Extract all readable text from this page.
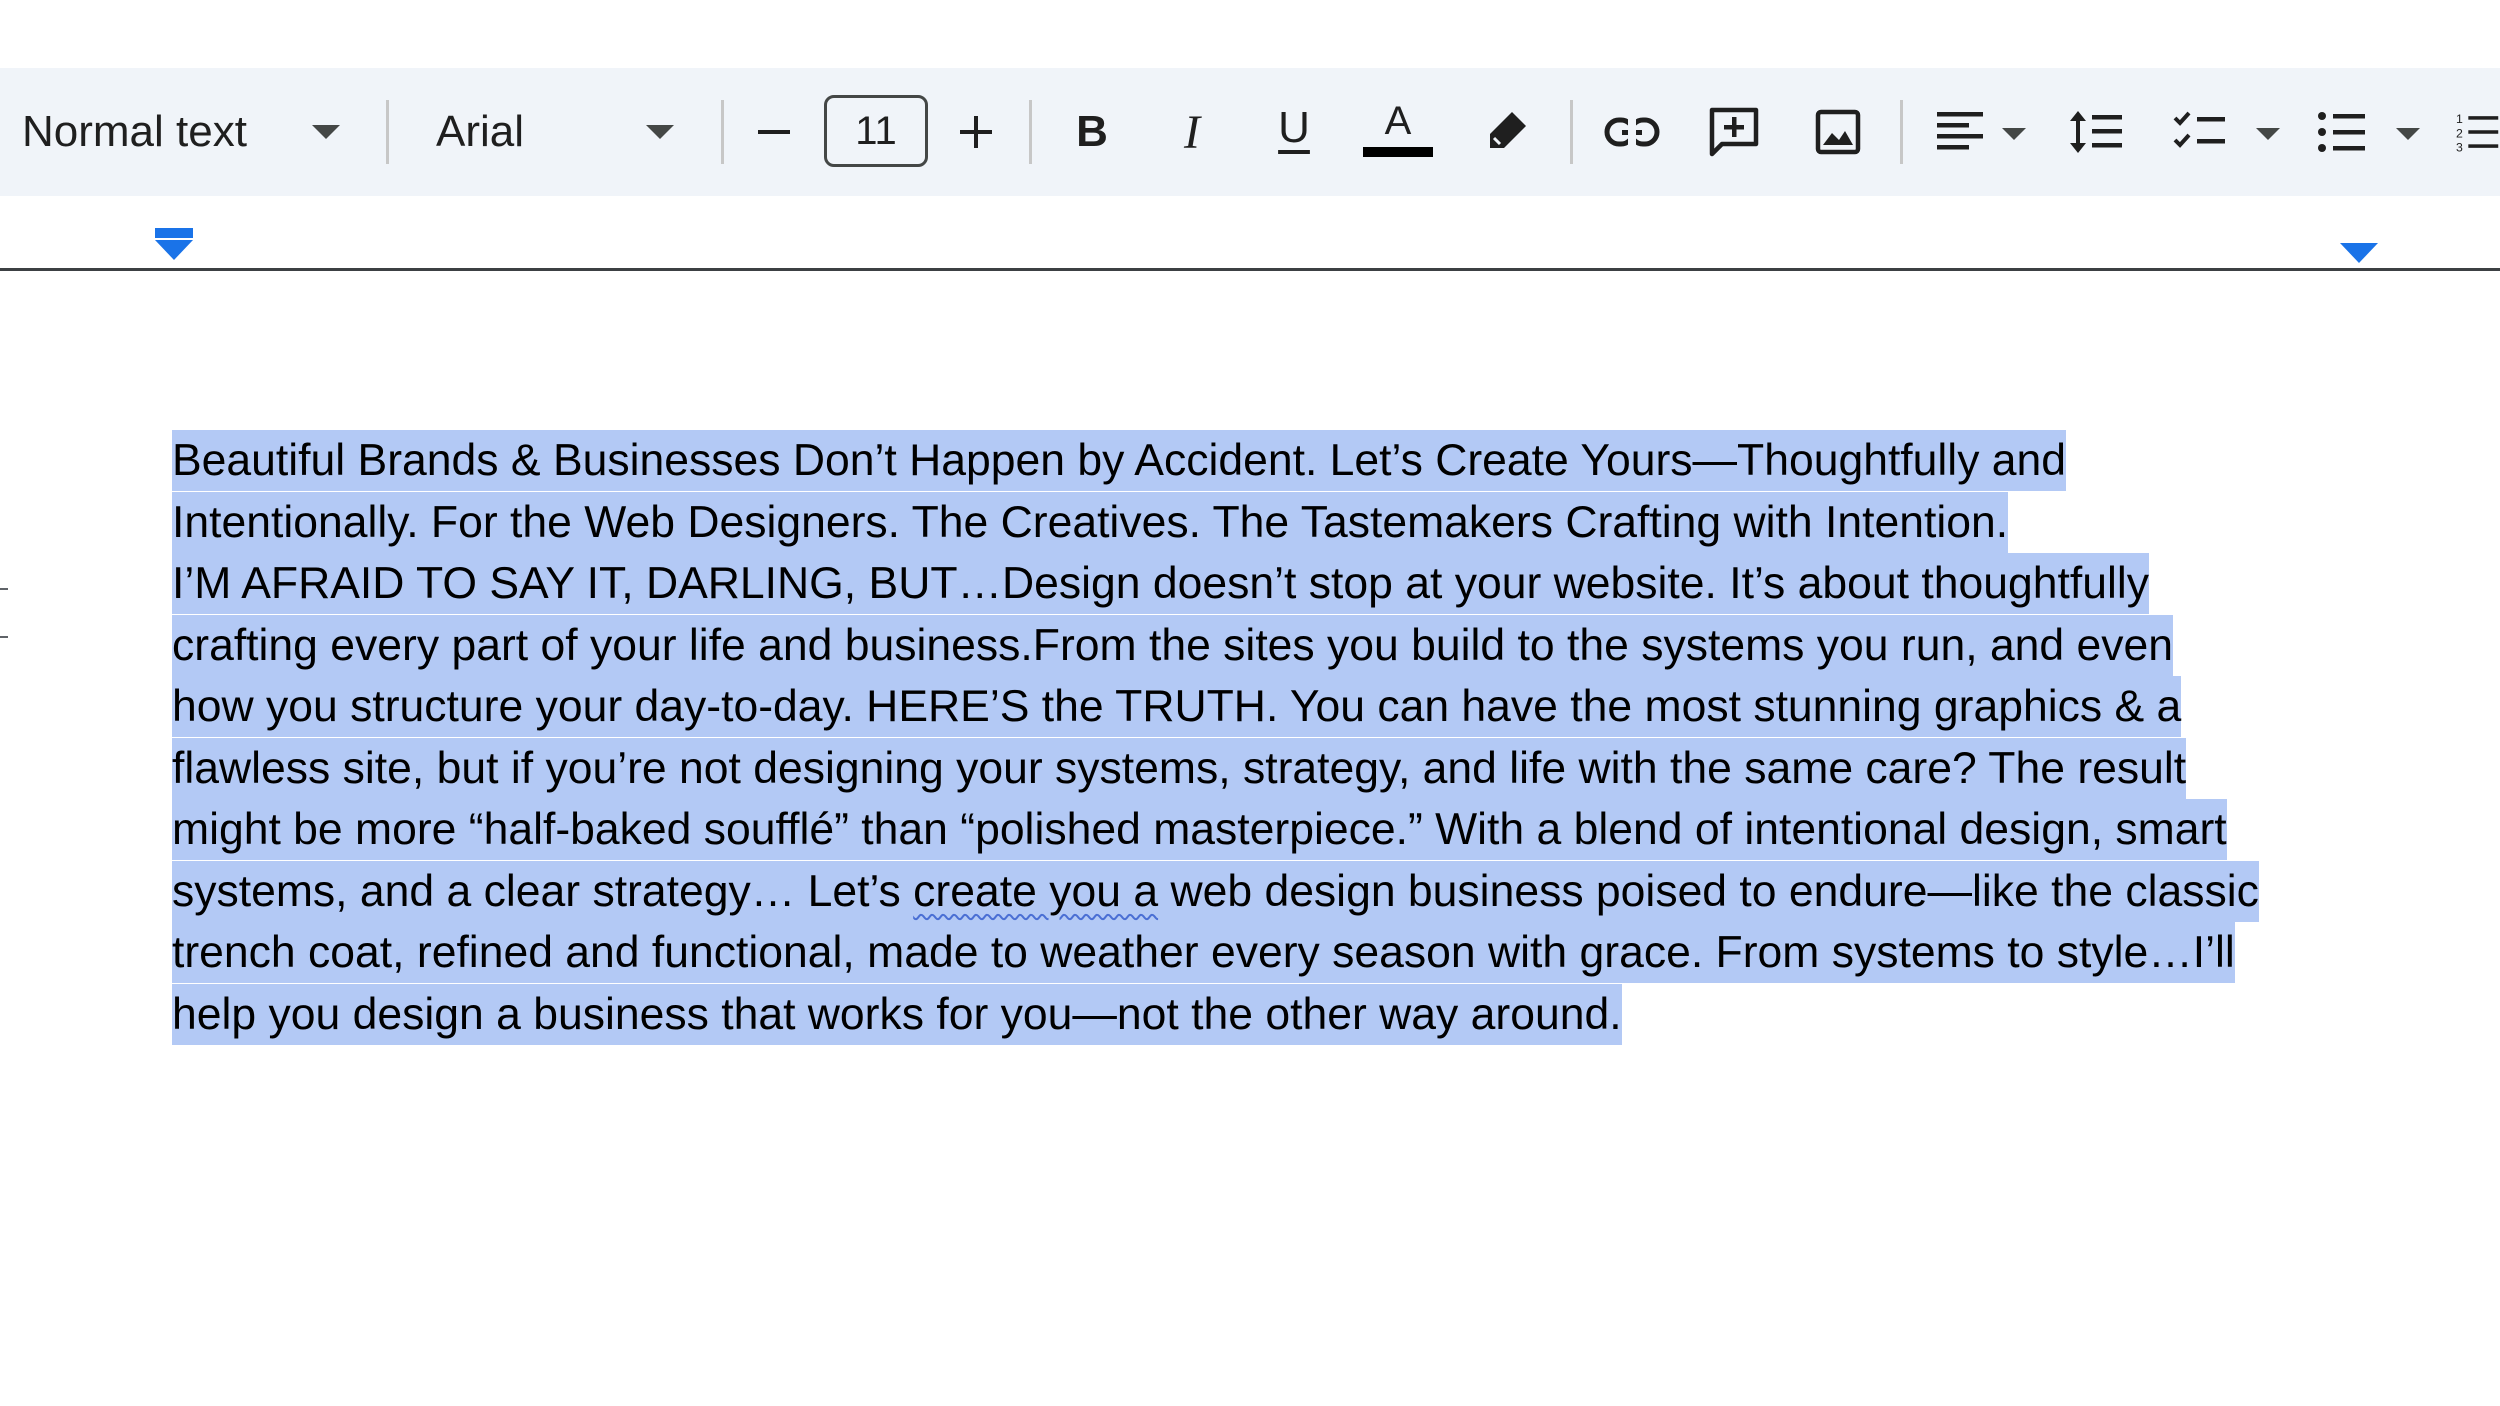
Normal text	Arial	11	B I U A	1
2
3
Beautiful Brands & Businesses Don’t Happen by Accident. Let’s Create Yours—Thoughtfully and
Intentionally. For the Web Designers. The Creatives. The Tastemakers Crafting with Intention.
I’M AFRAID TO SAY IT, DARLING, BUT…Design doesn’t stop at your website. It’s about thoughtfully
crafting every part of your life and business.From the sites you build to the systems you run, and even
how you structure your day-to-day. HERE’S the TRUTH. You can have the most stunning graphics & a
flawless site, but if you’re not designing your systems, strategy, and life with the same care? The result
might be more “half-baked soufflé” than “polished masterpiece.” With a blend of intentional design, smart
systems, and a clear strategy… Let’s create you a web design business poised to endure—like the classic
trench coat, refined and functional, made to weather every season with grace. From systems to style…I’ll
help you design a business that works for you—not the other way around.
